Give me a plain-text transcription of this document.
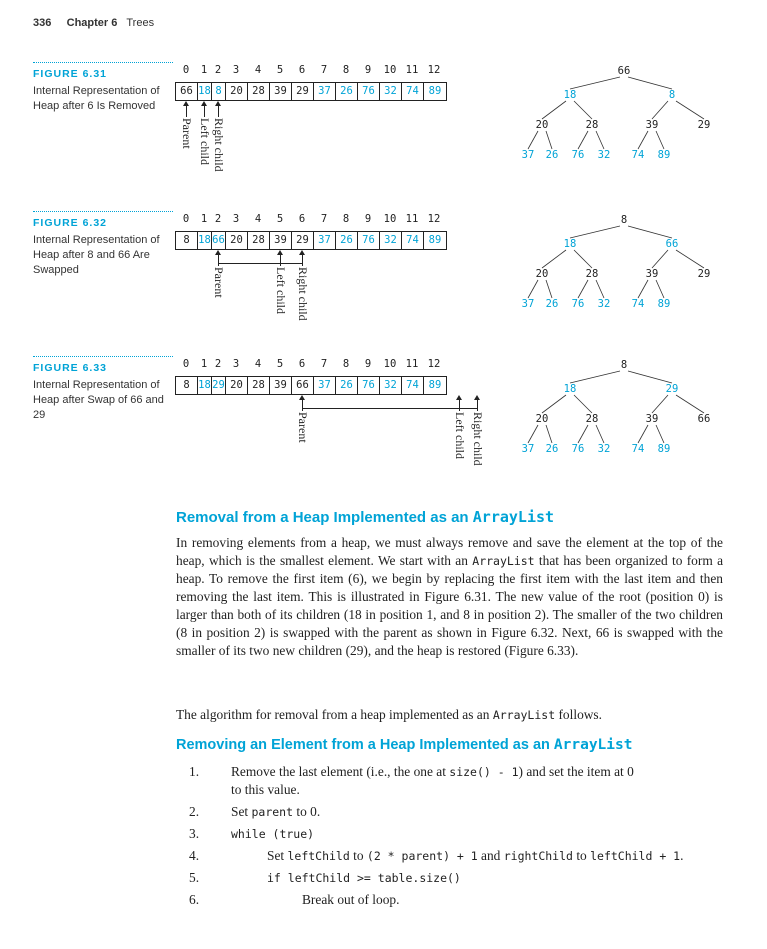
336 Chapter 6 Trees
FIGURE 6.31
Internal Representation of Heap after 6 Is Removed
0	1 2	3	4	5	6	7	8	9	10 11 12
66 18 8 20 28 39 29 37 26 76 32 74 89
Parent Left child Right child
66
18	8
20	28	39	29
37 26 76 32 74 89
FIGURE 6.32
Internal Representation of Heap after 8 and 66 Are Swapped
0	1 2	3	4	5	6	7	8	9	10 11 12
8 18 66 20 28 39 29 37 26 76 32 74 89
Parent	Left child Right child
8
18	66
20	28	39	29
37 26 76 32 74 89
FIGURE 6.33
Internal Representation of Heap after Swap of 66 and 29
0	1 2	3	4	5	6	7	8	9	10 11 12
8 18 29 20 28 39 66 37 26 76 32 74 89
Parent	Left child Right child
8
18	29
20	28	39	66
37 26 76 32 74 89
Removal from a Heap Implemented as an ArrayList
In removing elements from a heap, we must always remove and save the element at the top of the heap, which is the smallest element. We start with an ArrayList that has been organized to form a heap. To remove the first item (6), we begin by replacing the first item with the last item and then removing the last item. This is illustrated in Figure 6.31. The new value of the root (position 0) is larger than both of its children (18 in position 1, and 8 in position 2). The smaller of the two children (8 in position 2) is swapped with the parent as shown in Figure 6.32. Next, 66 is swapped with the smaller of its two new children (29), and the heap is restored (Figure 6.33).
The algorithm for removal from a heap implemented as an ArrayList follows.
Removing an Element from a Heap Implemented as an ArrayList
1.	Remove the last element (i.e., the one at size() - 1) and set the item at 0
to this value.
2.	Set parent to 0.
3.	while (true)
4.	Set leftChild to (2 * parent) + 1 and rightChild to leftChild + 1.
5.	if leftChild >= table.size()
6.	Break out of loop.
